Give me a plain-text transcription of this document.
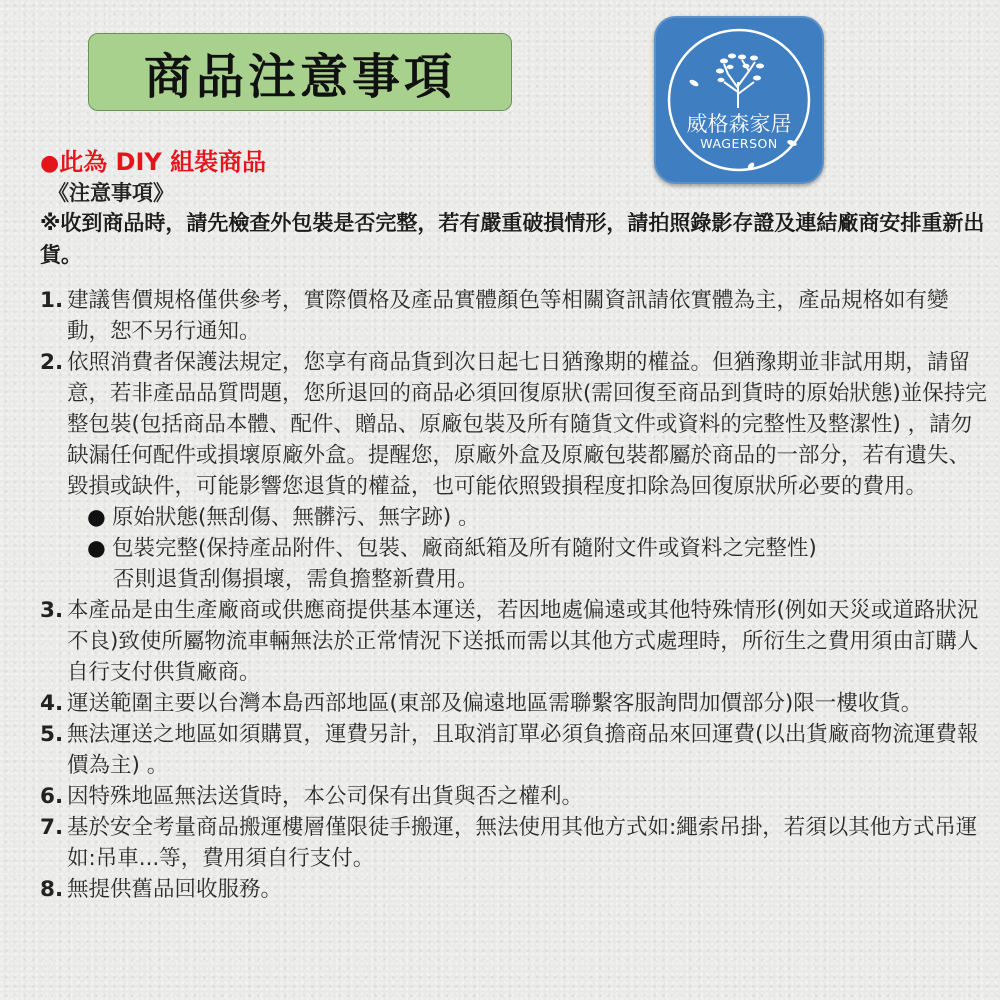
商品注意事項
威格森家居
WAGERSON
●此為 DIY 組裝商品
《注意事項》
※收到商品時，請先檢查外包裝是否完整，若有嚴重破損情形，請拍照錄影存證及連結廠商安排重新出貨。
1. 建議售價規格僅供參考，實際價格及產品實體顏色等相關資訊請依實體為主，產品規格如有變動，恕不另行通知。
2. 依照消費者保護法規定，您享有商品貨到次日起七日猶豫期的權益。但猶豫期並非試用期，請留意，若非產品品質問題，您所退回的商品必須回復原狀(需回復至商品到貨時的原始狀態)並保持完整包裝(包括商品本體、配件、贈品、原廠包裝及所有隨貨文件或資料的完整性及整潔性) ，請勿缺漏任何配件或損壞原廠外盒。提醒您，原廠外盒及原廠包裝都屬於商品的一部分，若有遺失、毀損或缺件，可能影響您退貨的權益，也可能依照毀損程度扣除為回復原狀所必要的費用。
● 原始狀態(無刮傷、無髒污、無字跡) 。
● 包裝完整(保持產品附件、包裝、廠商紙箱及所有隨附文件或資料之完整性)
否則退貨刮傷損壞，需負擔整新費用。
3. 本產品是由生產廠商或供應商提供基本運送，若因地處偏遠或其他特殊情形(例如天災或道路狀況不良)致使所屬物流車輛無法於正常情況下送抵而需以其他方式處理時，所衍生之費用須由訂購人自行支付供貨廠商。
4. 運送範圍主要以台灣本島西部地區(東部及偏遠地區需聯繫客服詢問加價部分)限一樓收貨。
5. 無法運送之地區如須購買，運費另計，且取消訂單必須負擔商品來回運費(以出貨廠商物流運費報價為主) 。
6. 因特殊地區無法送貨時，本公司保有出貨與否之權利。
7. 基於安全考量商品搬運樓層僅限徒手搬運，無法使用其他方式如:繩索吊掛，若須以其他方式吊運如:吊車...等，費用須自行支付。
8. 無提供舊品回收服務。
